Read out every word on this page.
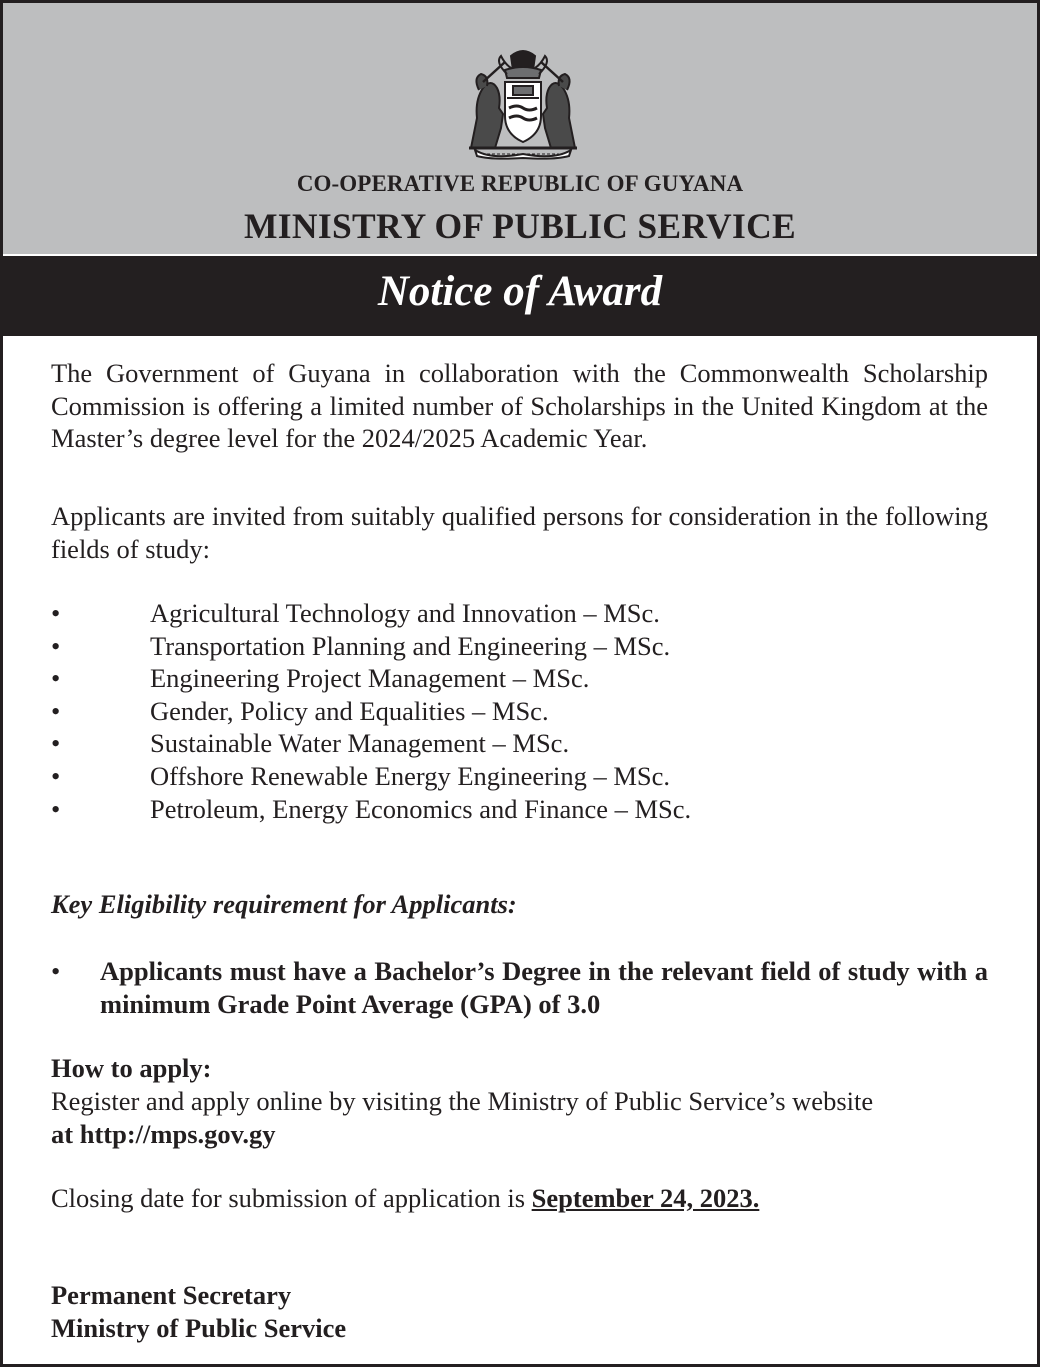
CO-OPERATIVE REPUBLIC OF GUYANA
MINISTRY OF PUBLIC SERVICE
Notice of Award
The Government of Guyana in collaboration with the Commonwealth Scholarship Commission is offering a limited number of Scholarships in the United Kingdom at the Master’s degree level for the 2024/2025 Academic Year.
Applicants are invited from suitably qualified persons for consideration in the following fields of study:
•	Agricultural Technology and Innovation – MSc.
•	Transportation Planning and Engineering – MSc.
•	Engineering Project Management – MSc.
•	Gender, Policy and Equalities – MSc.
•	Sustainable Water Management – MSc.
•	Offshore Renewable Energy Engineering – MSc.
•	Petroleum, Energy Economics and Finance – MSc.
Key Eligibility requirement for Applicants:
• Applicants must have a Bachelor’s Degree in the relevant field of study with a minimum Grade Point Average (GPA) of 3.0
How to apply:
Register and apply online by visiting the Ministry of Public Service’s website
at http://mps.gov.gy
Closing date for submission of application is September 24, 2023.
Permanent Secretary
Ministry of Public Service
